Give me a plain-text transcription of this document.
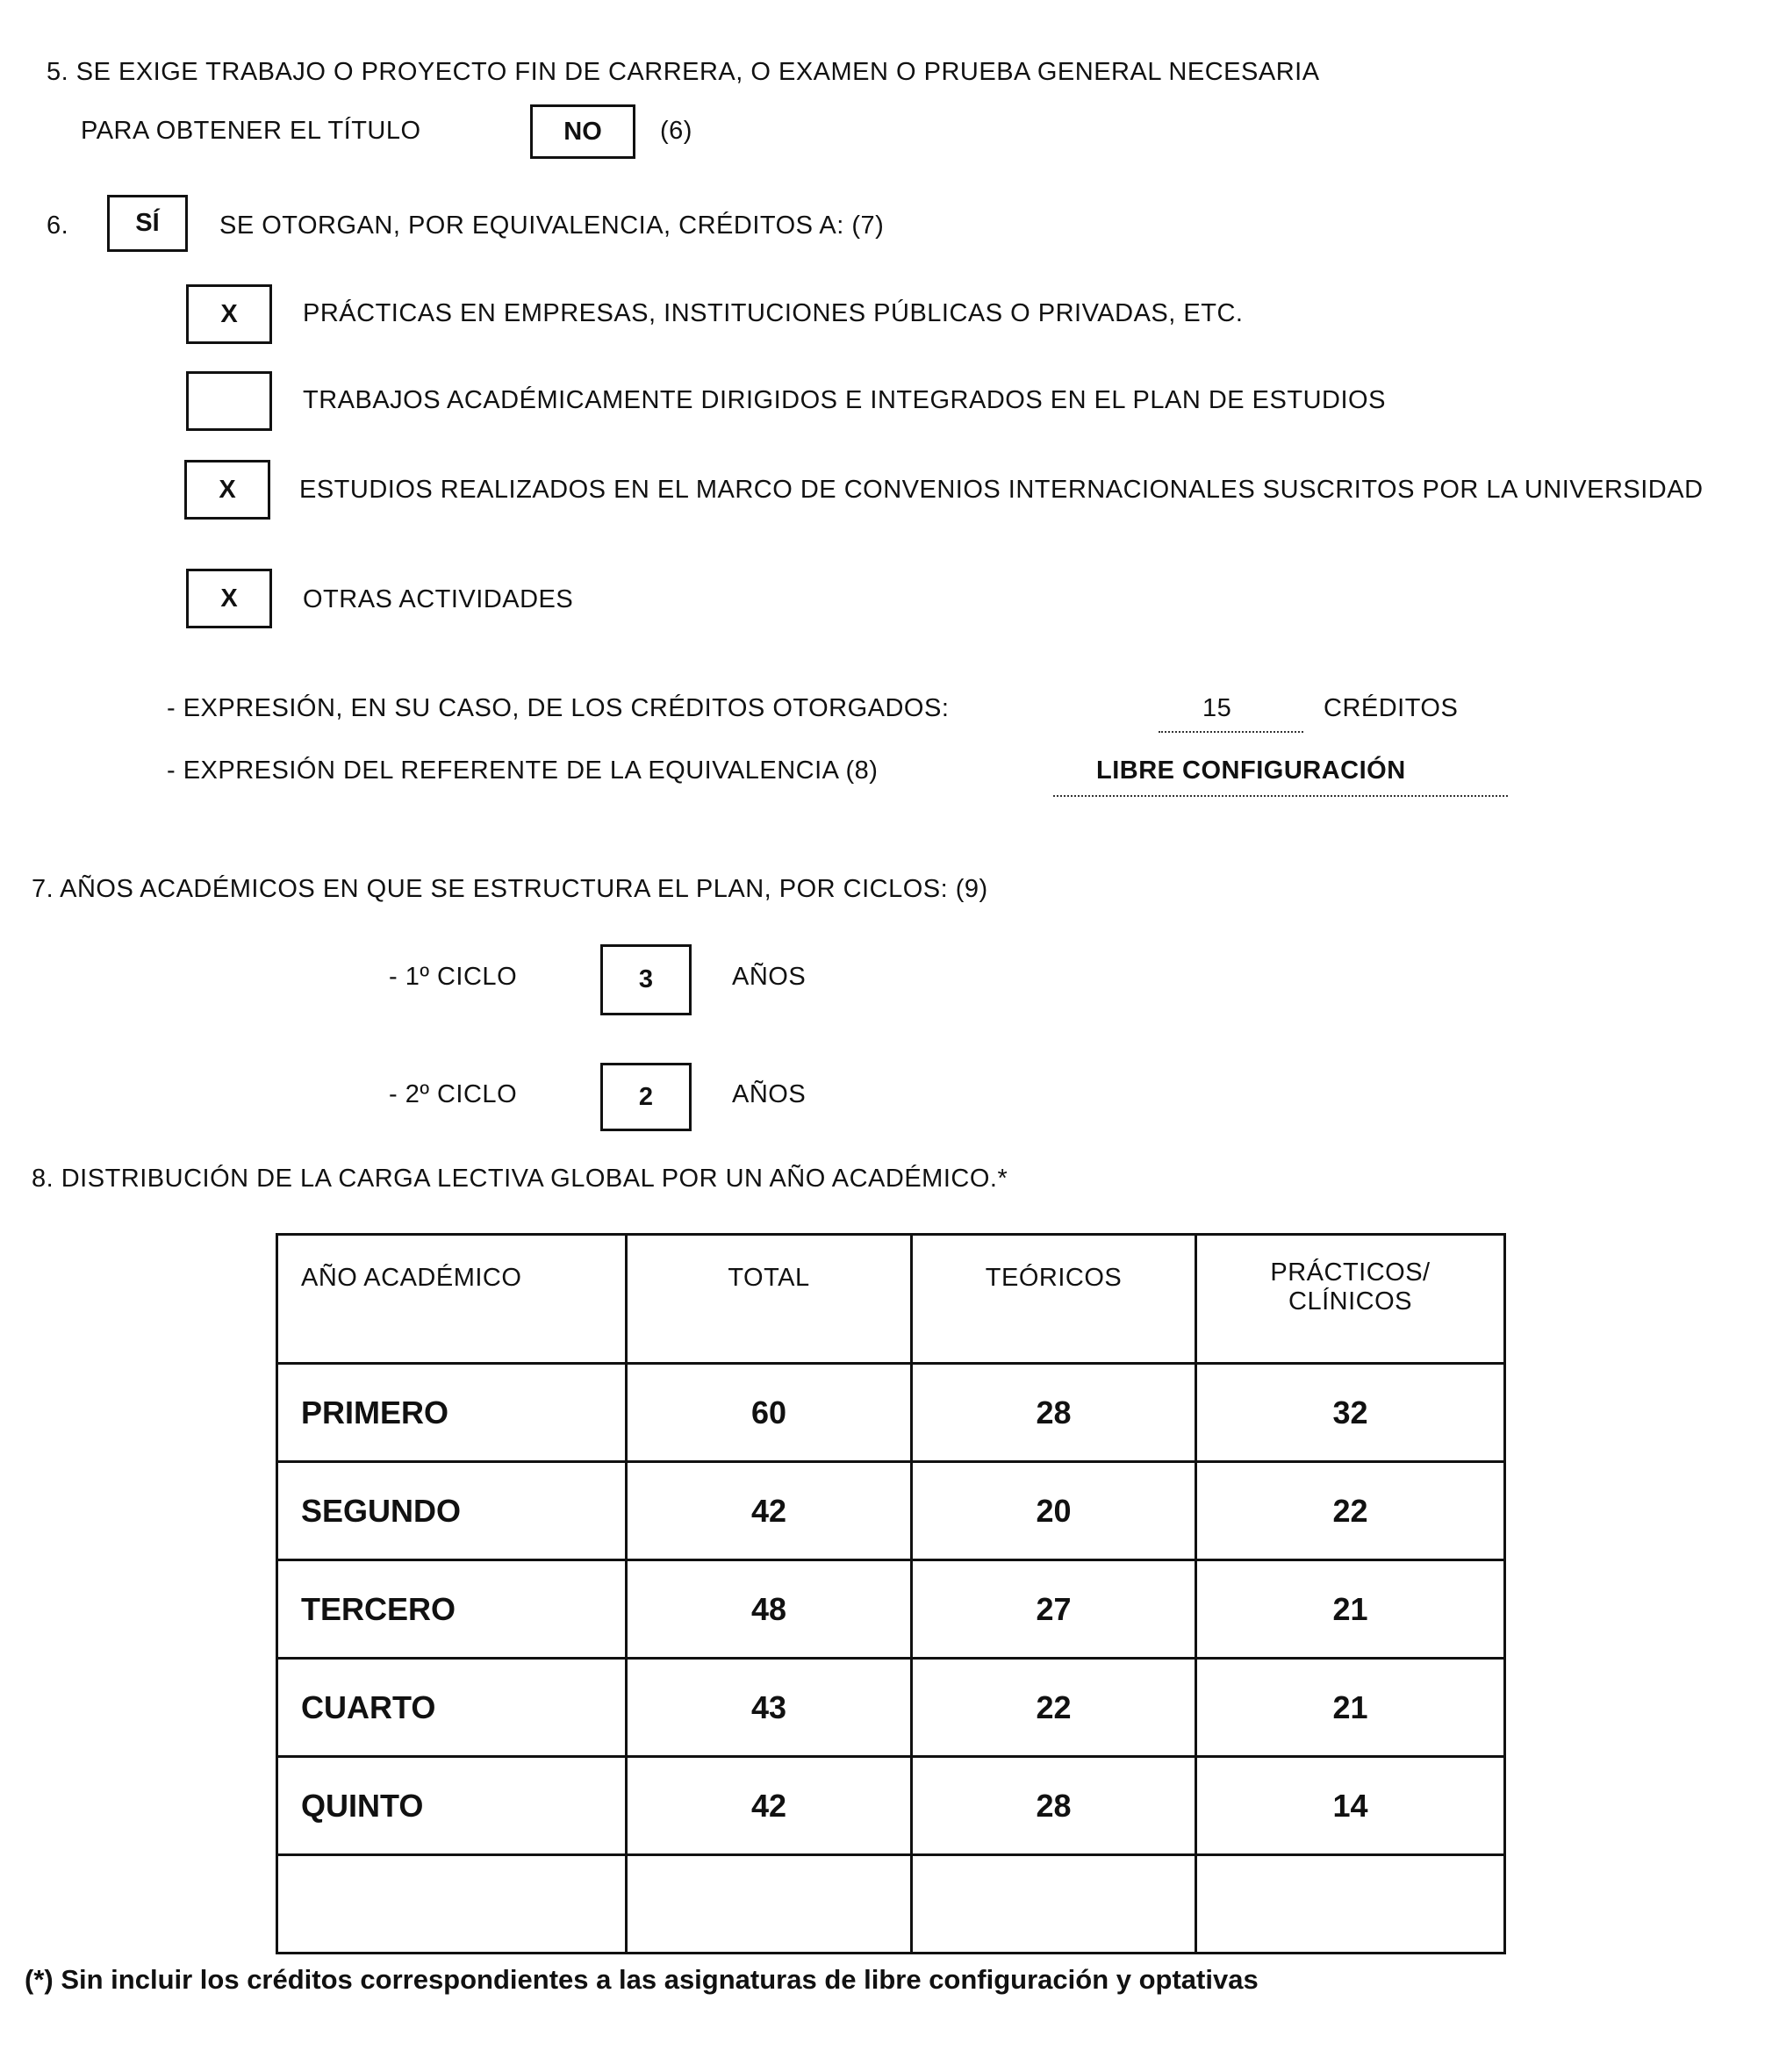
5. SE EXIGE TRABAJO O PROYECTO FIN DE CARRERA, O EXAMEN O PRUEBA GENERAL NECESARIA
PARA OBTENER EL TÍTULO	NO	(6)
6.	SÍ	SE OTORGAN, POR EQUIVALENCIA, CRÉDITOS A: (7)
X	PRÁCTICAS EN EMPRESAS, INSTITUCIONES PÚBLICAS O PRIVADAS, ETC.
TRABAJOS ACADÉMICAMENTE DIRIGIDOS E INTEGRADOS EN EL PLAN DE ESTUDIOS
X	ESTUDIOS REALIZADOS EN EL MARCO DE CONVENIOS INTERNACIONALES SUSCRITOS POR LA UNIVERSIDAD
X	OTRAS ACTIVIDADES
- EXPRESIÓN, EN SU CASO, DE LOS CRÉDITOS OTORGADOS:	15	CRÉDITOS
- EXPRESIÓN DEL REFERENTE DE LA EQUIVALENCIA (8)	LIBRE CONFIGURACIÓN
7. AÑOS ACADÉMICOS EN QUE SE ESTRUCTURA EL PLAN, POR CICLOS: (9)
- 1º CICLO	3	AÑOS
- 2º CICLO	2	AÑOS
8. DISTRIBUCIÓN DE LA CARGA LECTIVA GLOBAL POR UN AÑO ACADÉMICO.*
AÑO ACADÉMICO	TOTAL	TEÓRICOS	PRÁCTICOS/ CLÍNICOS
PRIMERO	60	28	32
SEGUNDO	42	20	22
TERCERO	48	27	21
CUARTO	43	22	21
QUINTO	42	28	14

(*) Sin incluir los créditos correspondientes a las asignaturas de libre configuración y optativas
